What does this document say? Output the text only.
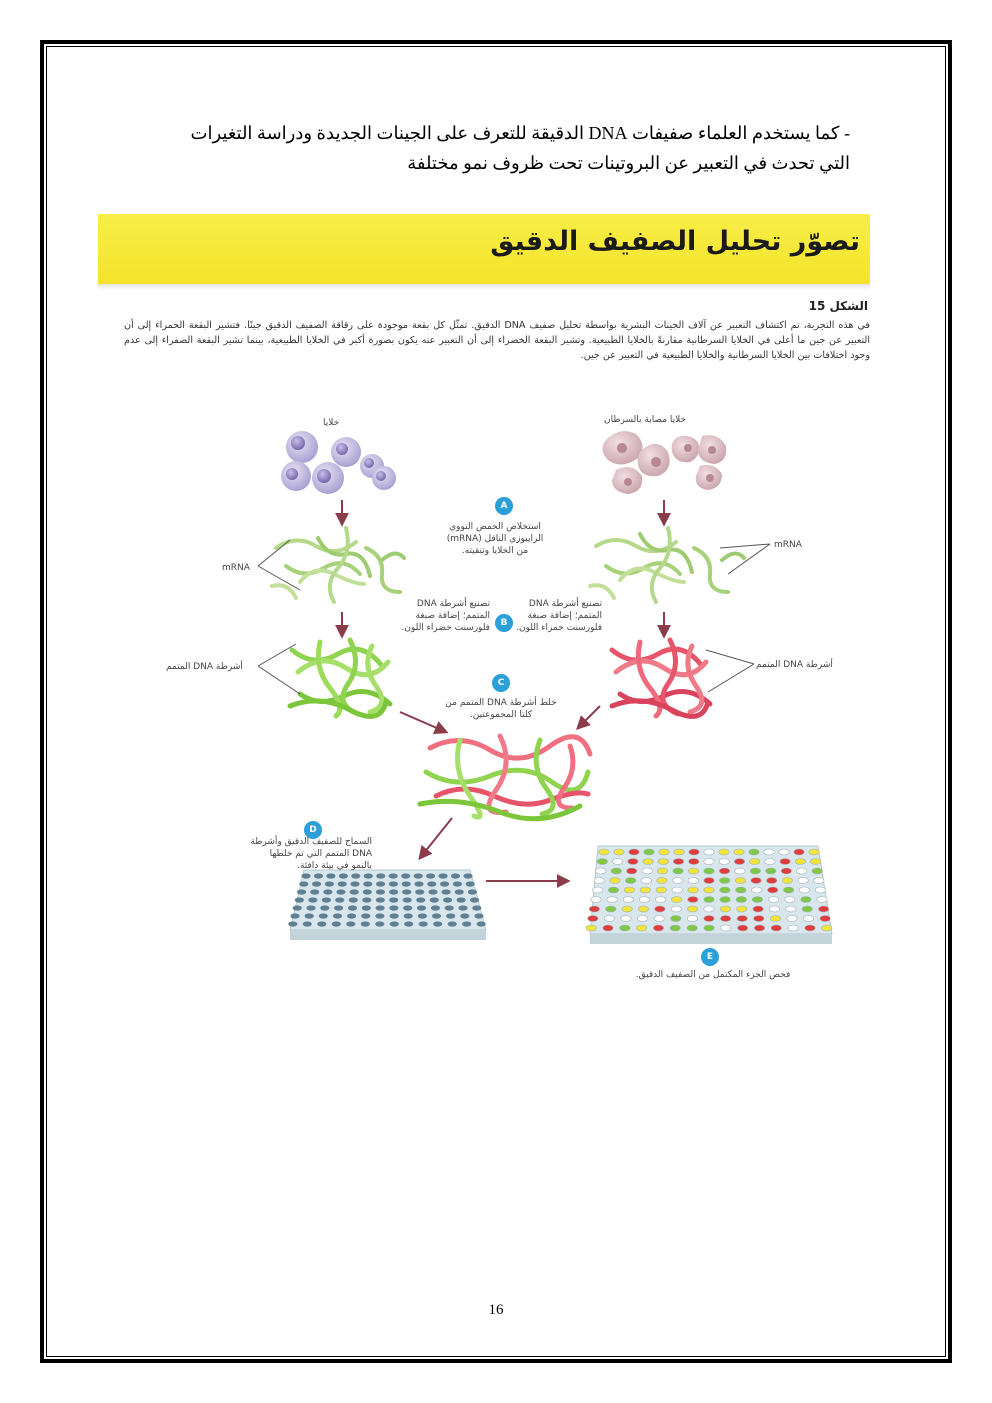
- كما يستخدم العلماء صفيفات DNA الدقيقة للتعرف على الجينات الجديدة ودراسة التغيرات
التي تحدث في التعبير عن البروتينات تحت ظروف نمو مختلفة
تصوّر تحليل الصفيف الدقيق
الشكل 15
في هذه التجربة، تم اكتشاف التعبير عن آلاف الجينات البشرية بواسطة تحليل صفيف DNA الدقيق. تمثّل كل بقعة موجودة على رقاقة الصفيف الدقيق جينًا. فتشير البقعة الحمراء إلى أن التعبير عن جين ما أعلى في الخلايا السرطانية مقارنةً بالخلايا الطبيعية. وتشير البقعة الخضراء إلى أن التعبير عنه يكون بصورة أكبر في الخلايا الطبيعية، بينما تشير البقعة الصفراء إلى عدم وجود اختلافات بين الخلايا السرطانية والخلايا الطبيعية في التعبير عن جين.
خلايا	خلايا مصابة بالسرطان
mRNA
mRNA
A
استخلاص الحمض النووي الرايبوزي الناقل (mRNA) من الخلايا وتنقيته.
B
تصنيع أشرطة DNA المتمم؛ إضافة صبغة فلورسنت خضراء اللون.
تصنيع أشرطة DNA المتمم؛ إضافة صبغة فلورسنت حمراء اللون.
أشرطة DNA المتمم	أشرطة DNA المتمم
C
خلط أشرطة DNA المتمم من كلتا المجموعتين.
D
السماح للصفيف الدقيق وأشرطة DNA المتمم التي تم خلطها بالنمو في بيئة دافئة.
E
فحص الجزء المكتمل من الصفيف الدقيق.
16
